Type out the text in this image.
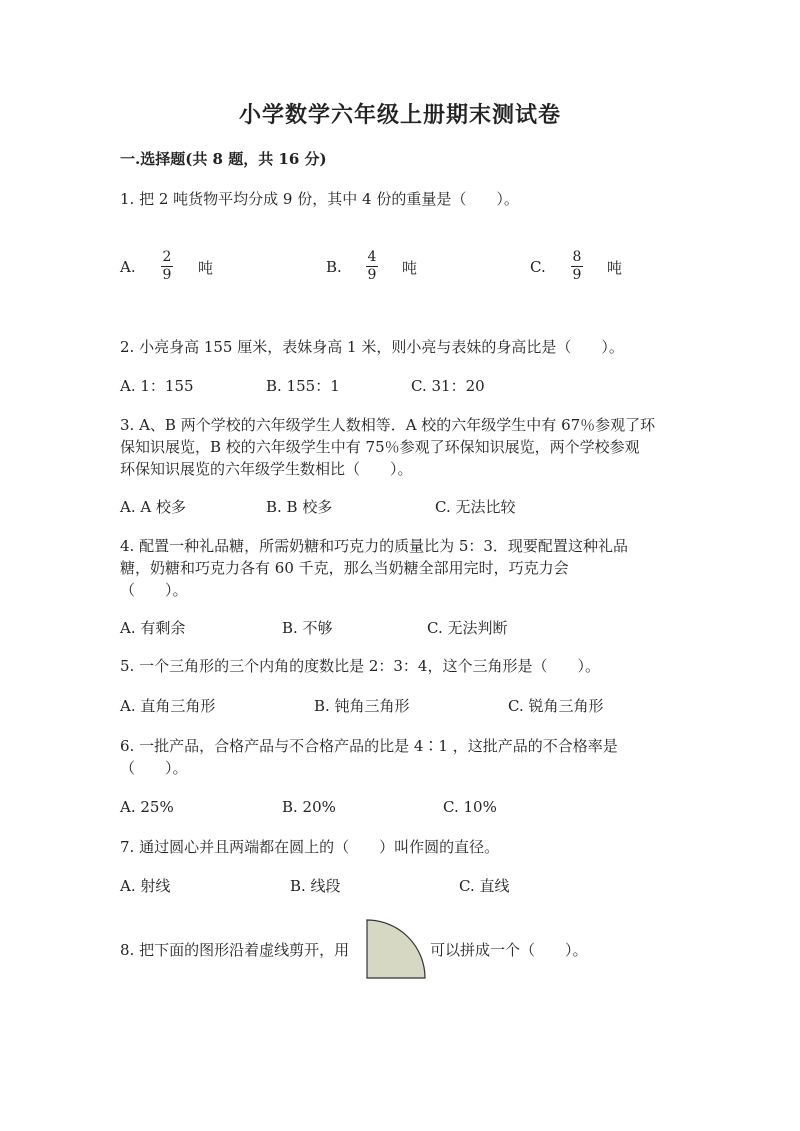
小学数学六年级上册期末测试卷
一.选择题(共 8 题，共 16 分)
1. 把 2 吨货物平均分成 9 份，其中 4 份的重量是（　　）。
A.
2
9 吨	B.
4
9 吨	C.
8
9 吨
2. 小亮身高 155 厘米，表妹身高 1 米，则小亮与表妹的身高比是（　　）。
A. 1：155	B. 155：1	C. 31：20
3. A、B 两个学校的六年级学生人数相等．A 校的六年级学生中有 67％参观了环
保知识展览，B 校的六年级学生中有 75％参观了环保知识展览，两个学校参观
环保知识展览的六年级学生数相比（　　）。
A. A 校多	B. B 校多	C. 无法比较
4. 配置一种礼品糖，所需奶糖和巧克力的质量比为 5：3．现要配置这种礼品
糖，奶糖和巧克力各有 60 千克，那么当奶糖全部用完时，巧克力会
（　　）。
A. 有剩余	B. 不够	C. 无法判断
5. 一个三角形的三个内角的度数比是 2：3：4，这个三角形是（　　）。
A. 直角三角形	B. 钝角三角形	C. 锐角三角形
6. 一批产品，合格产品与不合格产品的比是 4∶1 ，这批产品的不合格率是
（　　）。
A. 25%	B. 20%	C. 10%
7. 通过圆心并且两端都在圆上的（　　）叫作圆的直径。
A. 射线	B. 线段	C. 直线
8. 把下面的图形沿着虚线剪开，用	可以拼成一个（　　）。
